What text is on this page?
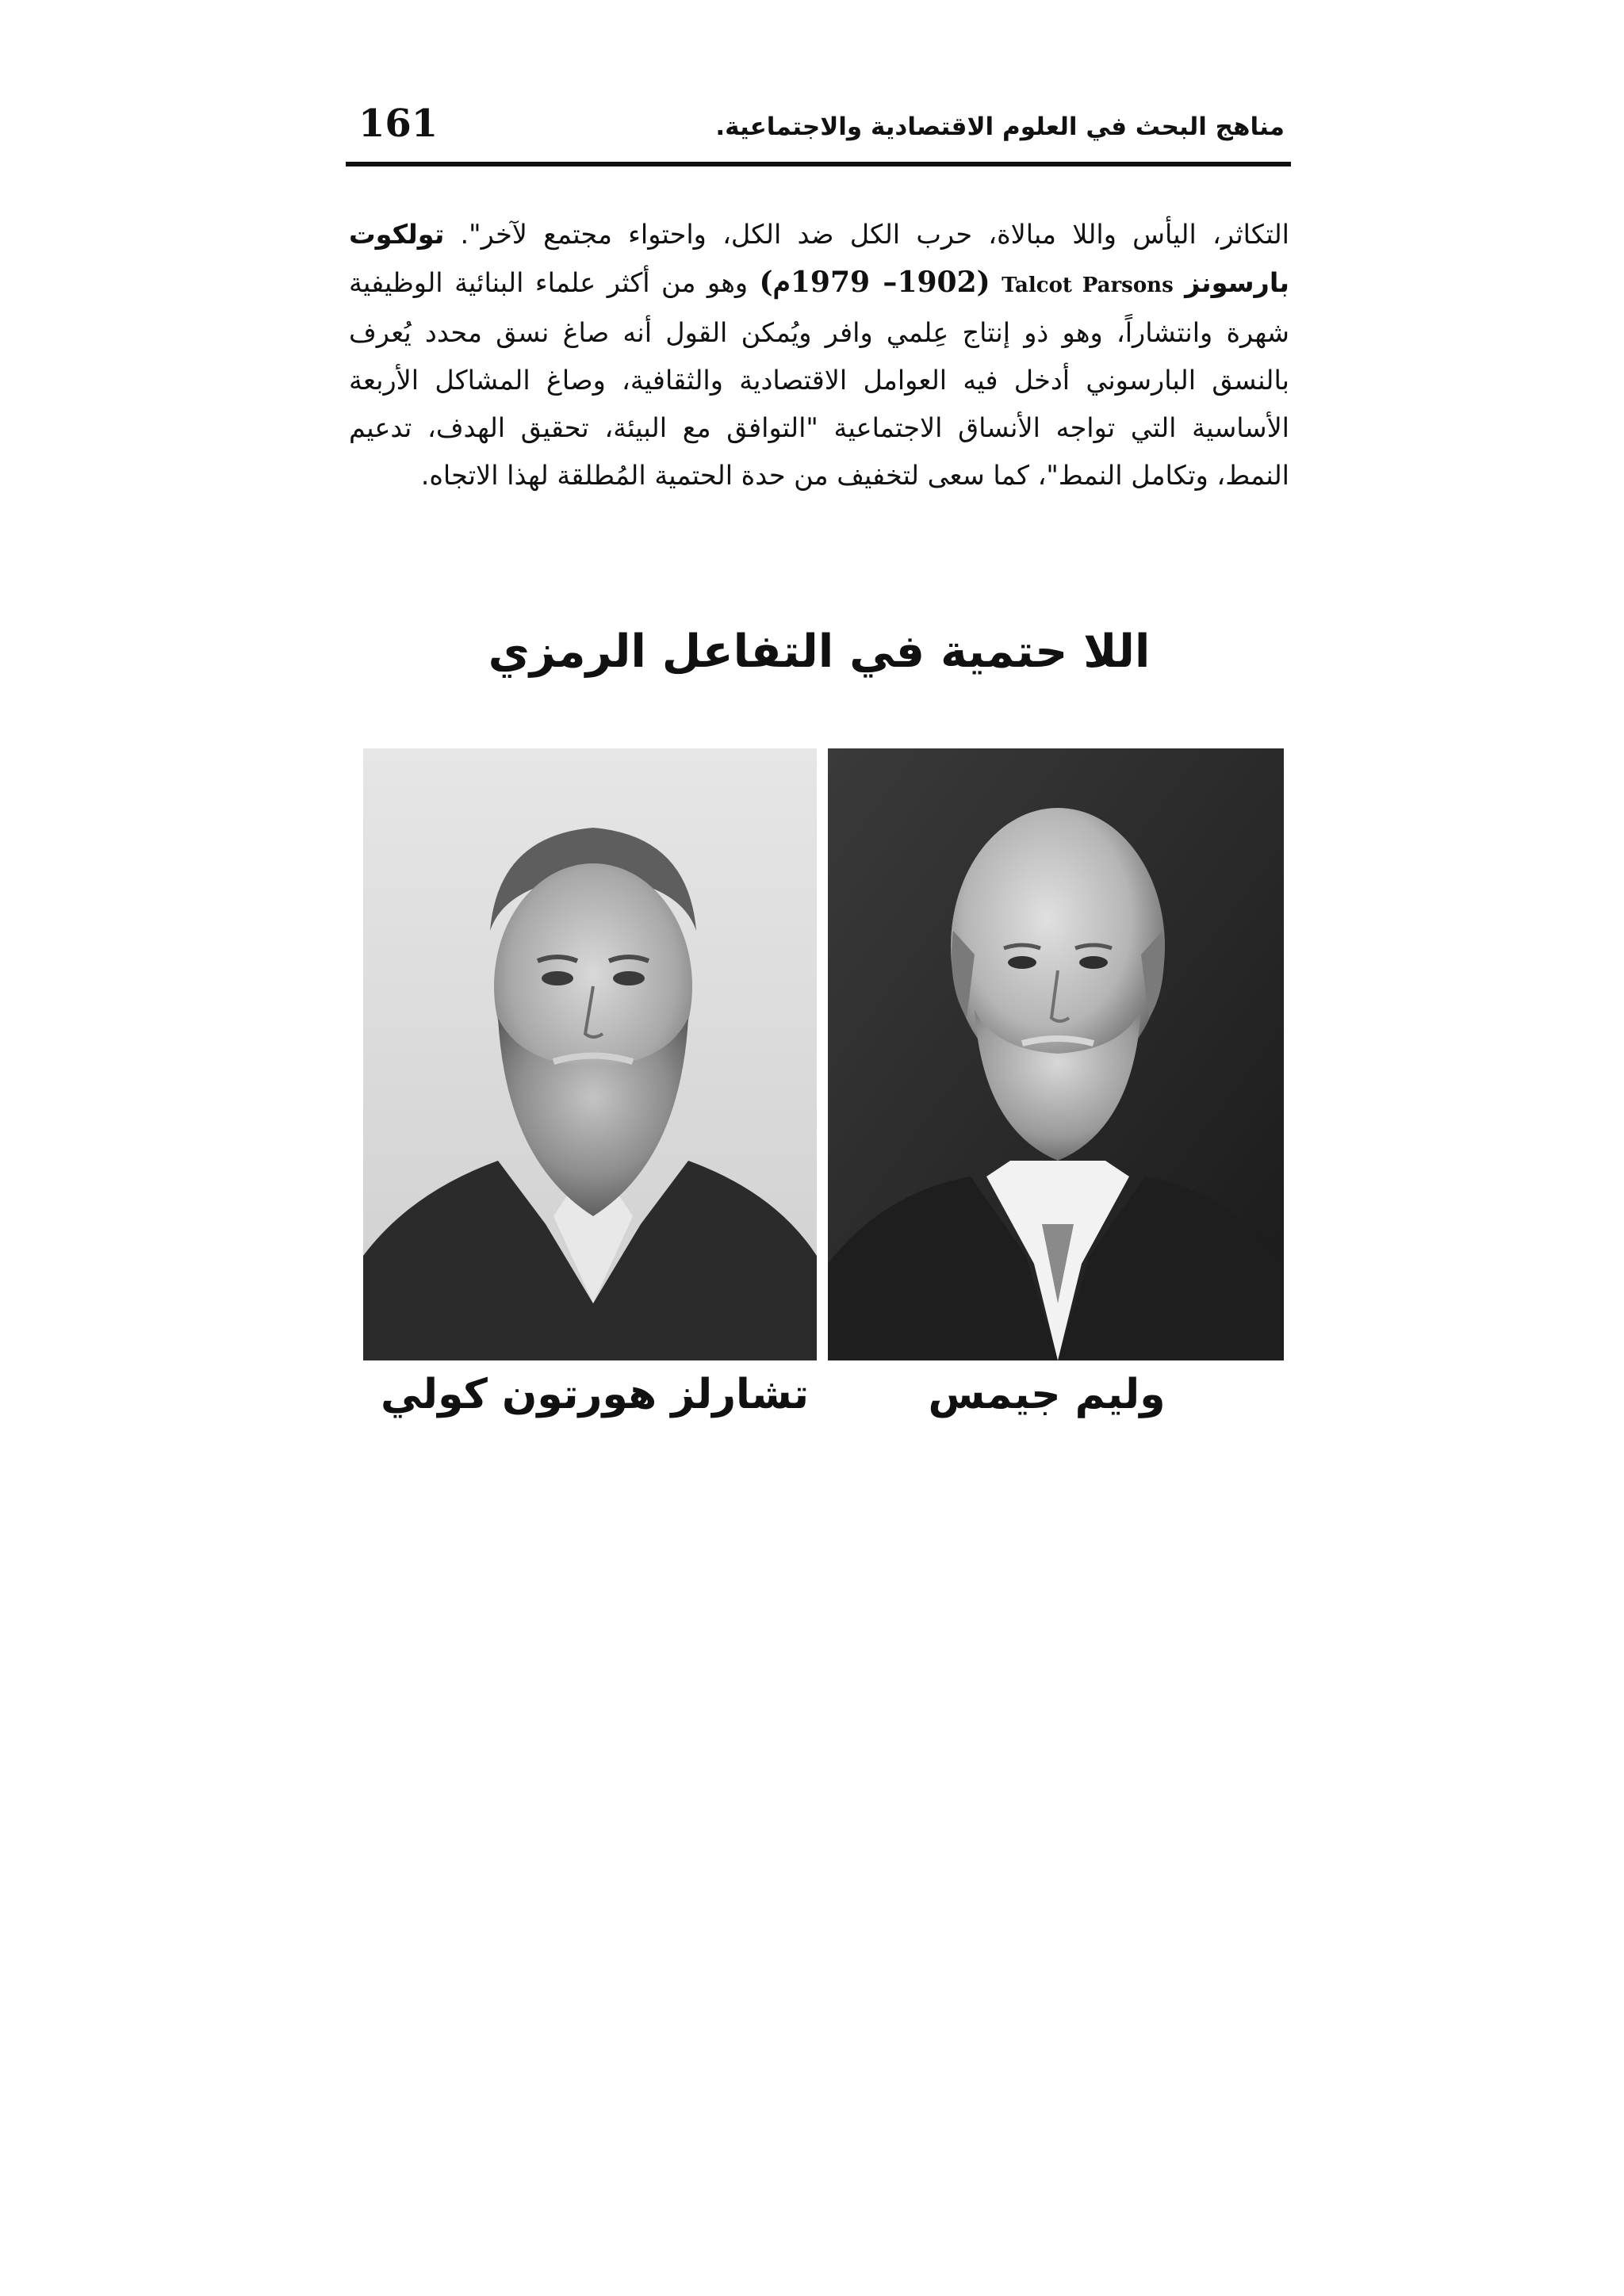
161	مناهج البحث في العلوم الاقتصادية والاجتماعية.
التكاثر، اليأس واللا مبالاة، حرب الكل ضد الكل، واحتواء مجتمع لآخر". تولكوت بارسونز Talcot Parsons (1902– 1979م) وهو من أكثر علماء البنائية الوظيفية شهرة وانتشاراً، وهو ذو إنتاج عِلمي وافر ويُمكن القول أنه صاغ نسق محدد يُعرف بالنسق البارسوني أدخل فيه العوامل الاقتصادية والثقافية، وصاغ المشاكل الأربعة الأساسية التي تواجه الأنساق الاجتماعية "التوافق مع البيئة، تحقيق الهدف، تدعيم النمط، وتكامل النمط"، كما سعى لتخفيف من حدة الحتمية المُطلقة لهذا الاتجاه.
اللا حتمية في التفاعل الرمزي
تشارلز هورتون كولي	وليم جيمس
